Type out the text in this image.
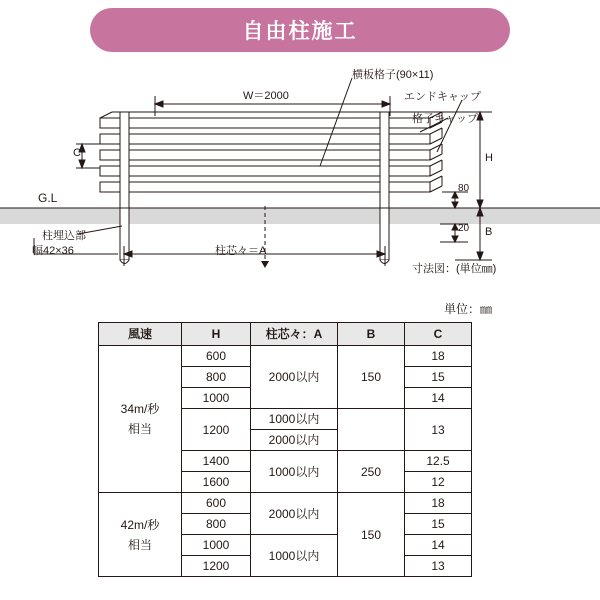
自由柱施工
横板格子(90×11)
エンドキャップ
格子キャップ
W＝2000
C	H
B
G.L
80
20
柱埋込部
幅42×36	柱芯々＝A
寸法図：(単位㎜)
単位：㎜
風速	H	柱芯々：A	B	C

34m/秒
相当	600	2000以内	150	18
	800			15
	1000			14
	1200	1000以内		13
		2000以内		
	1400	1000以内	250	12.5
	1600			12

42m/秒
相当	600	2000以内	150	18
	800			15
	1000	1000以内		14
	1200			13
